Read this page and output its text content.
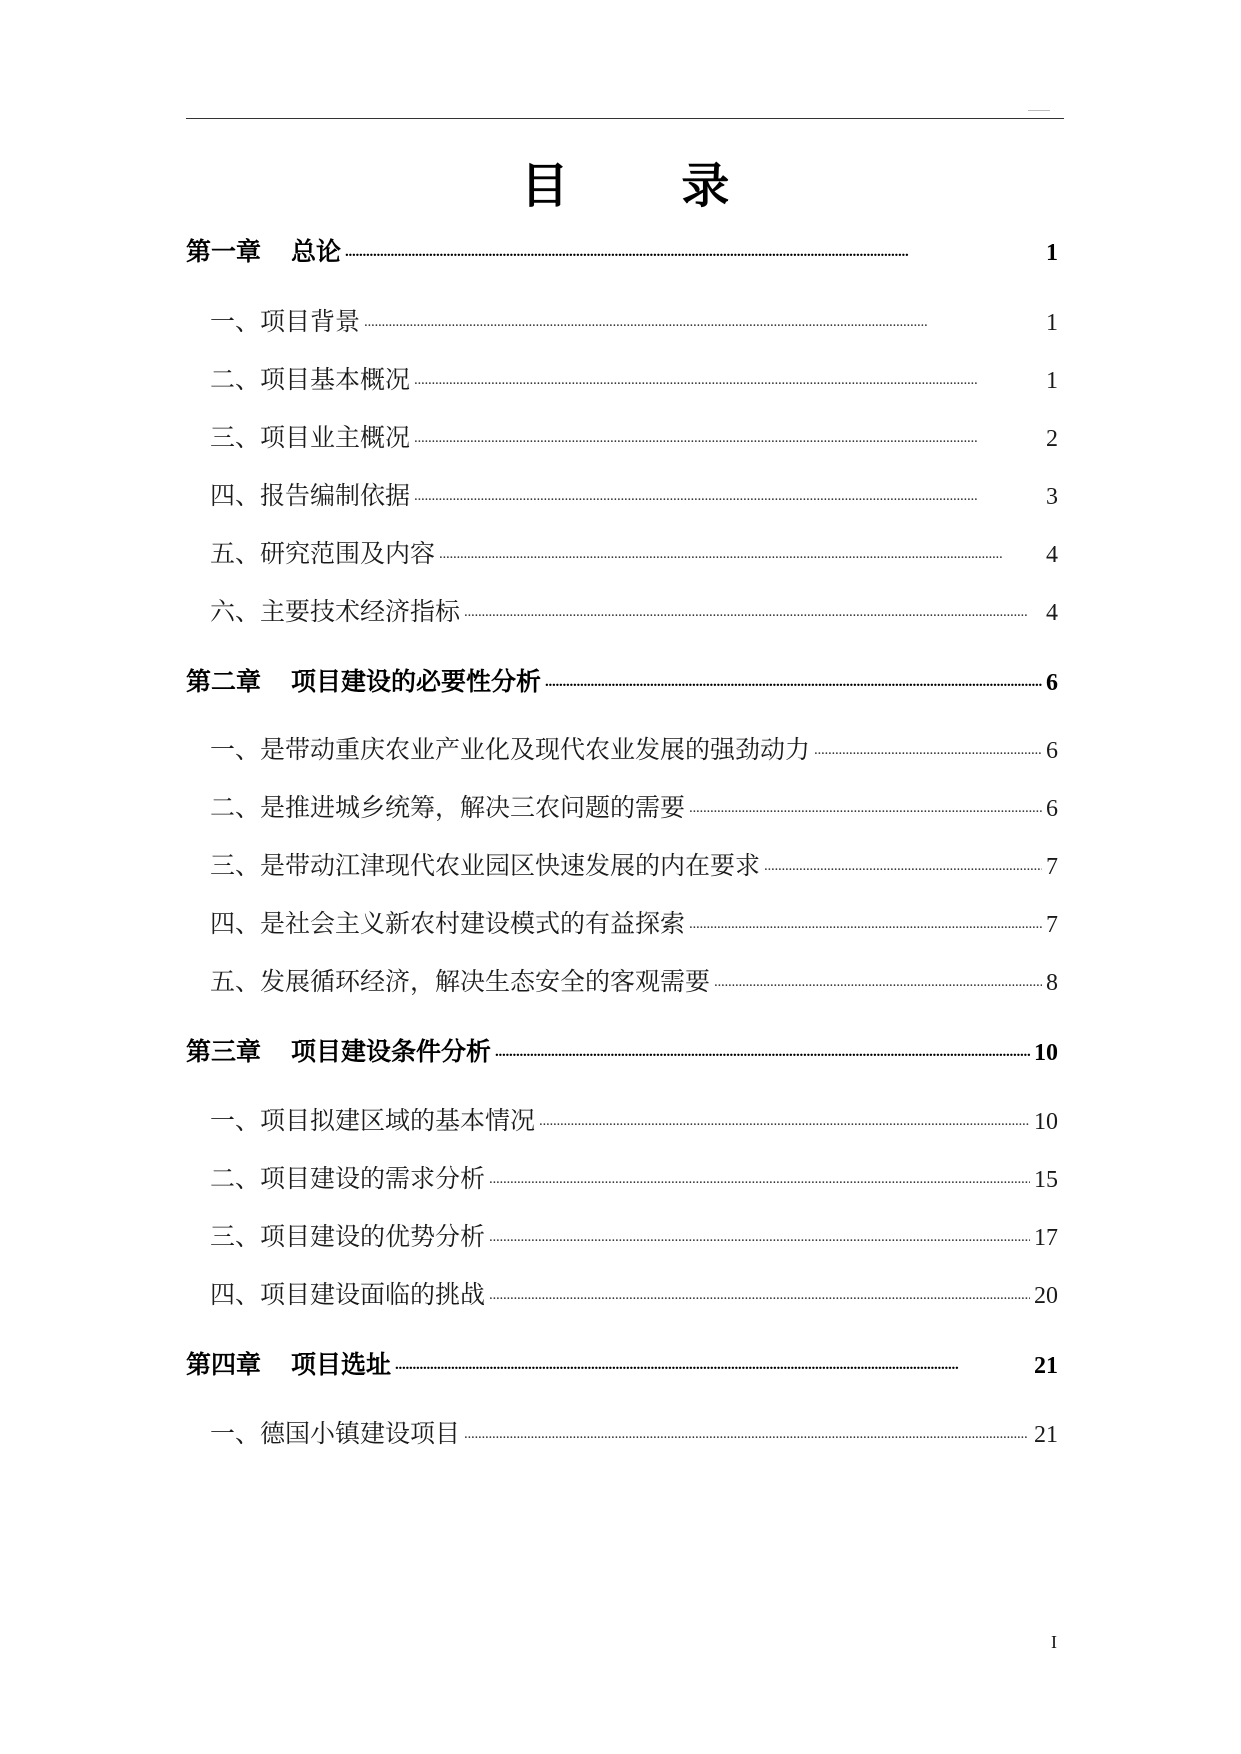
目 录
第一章 总论 . . .	1
一、 项目背景 . . .	1
二、 项目基本概况 . . .	1
三、 项目业主概况 . . .	2
四、 报告编制依据 . . .	3
五、 研究范围及内容 . . .	4
六、 主要技术经济指标 . . .	4
第二章 项目建设的必要性分析 . . .	6
一、 是带动重庆农业产业化及现代农业发展的强劲动力 . . .	6
二、 是推进城乡统筹，解决三农问题的需要 . . .	6
三、 是带动江津现代农业园区快速发展的内在要求 . . .	7
四、 是社会主义新农村建设模式的有益探索 . . .	7
五、 发展循环经济，解决生态安全的客观需要 . . .	8
第三章 项目建设条件分析 . . .	10
一、 项目拟建区域的基本情况 . . .	10
二、 项目建设的需求分析 . . .	15
三、 项目建设的优势分析 . . .	17
四、 项目建设面临的挑战 . . .	20
第四章 项目选址 . . .	21
一、 德国小镇建设项目 . . .	21
I
